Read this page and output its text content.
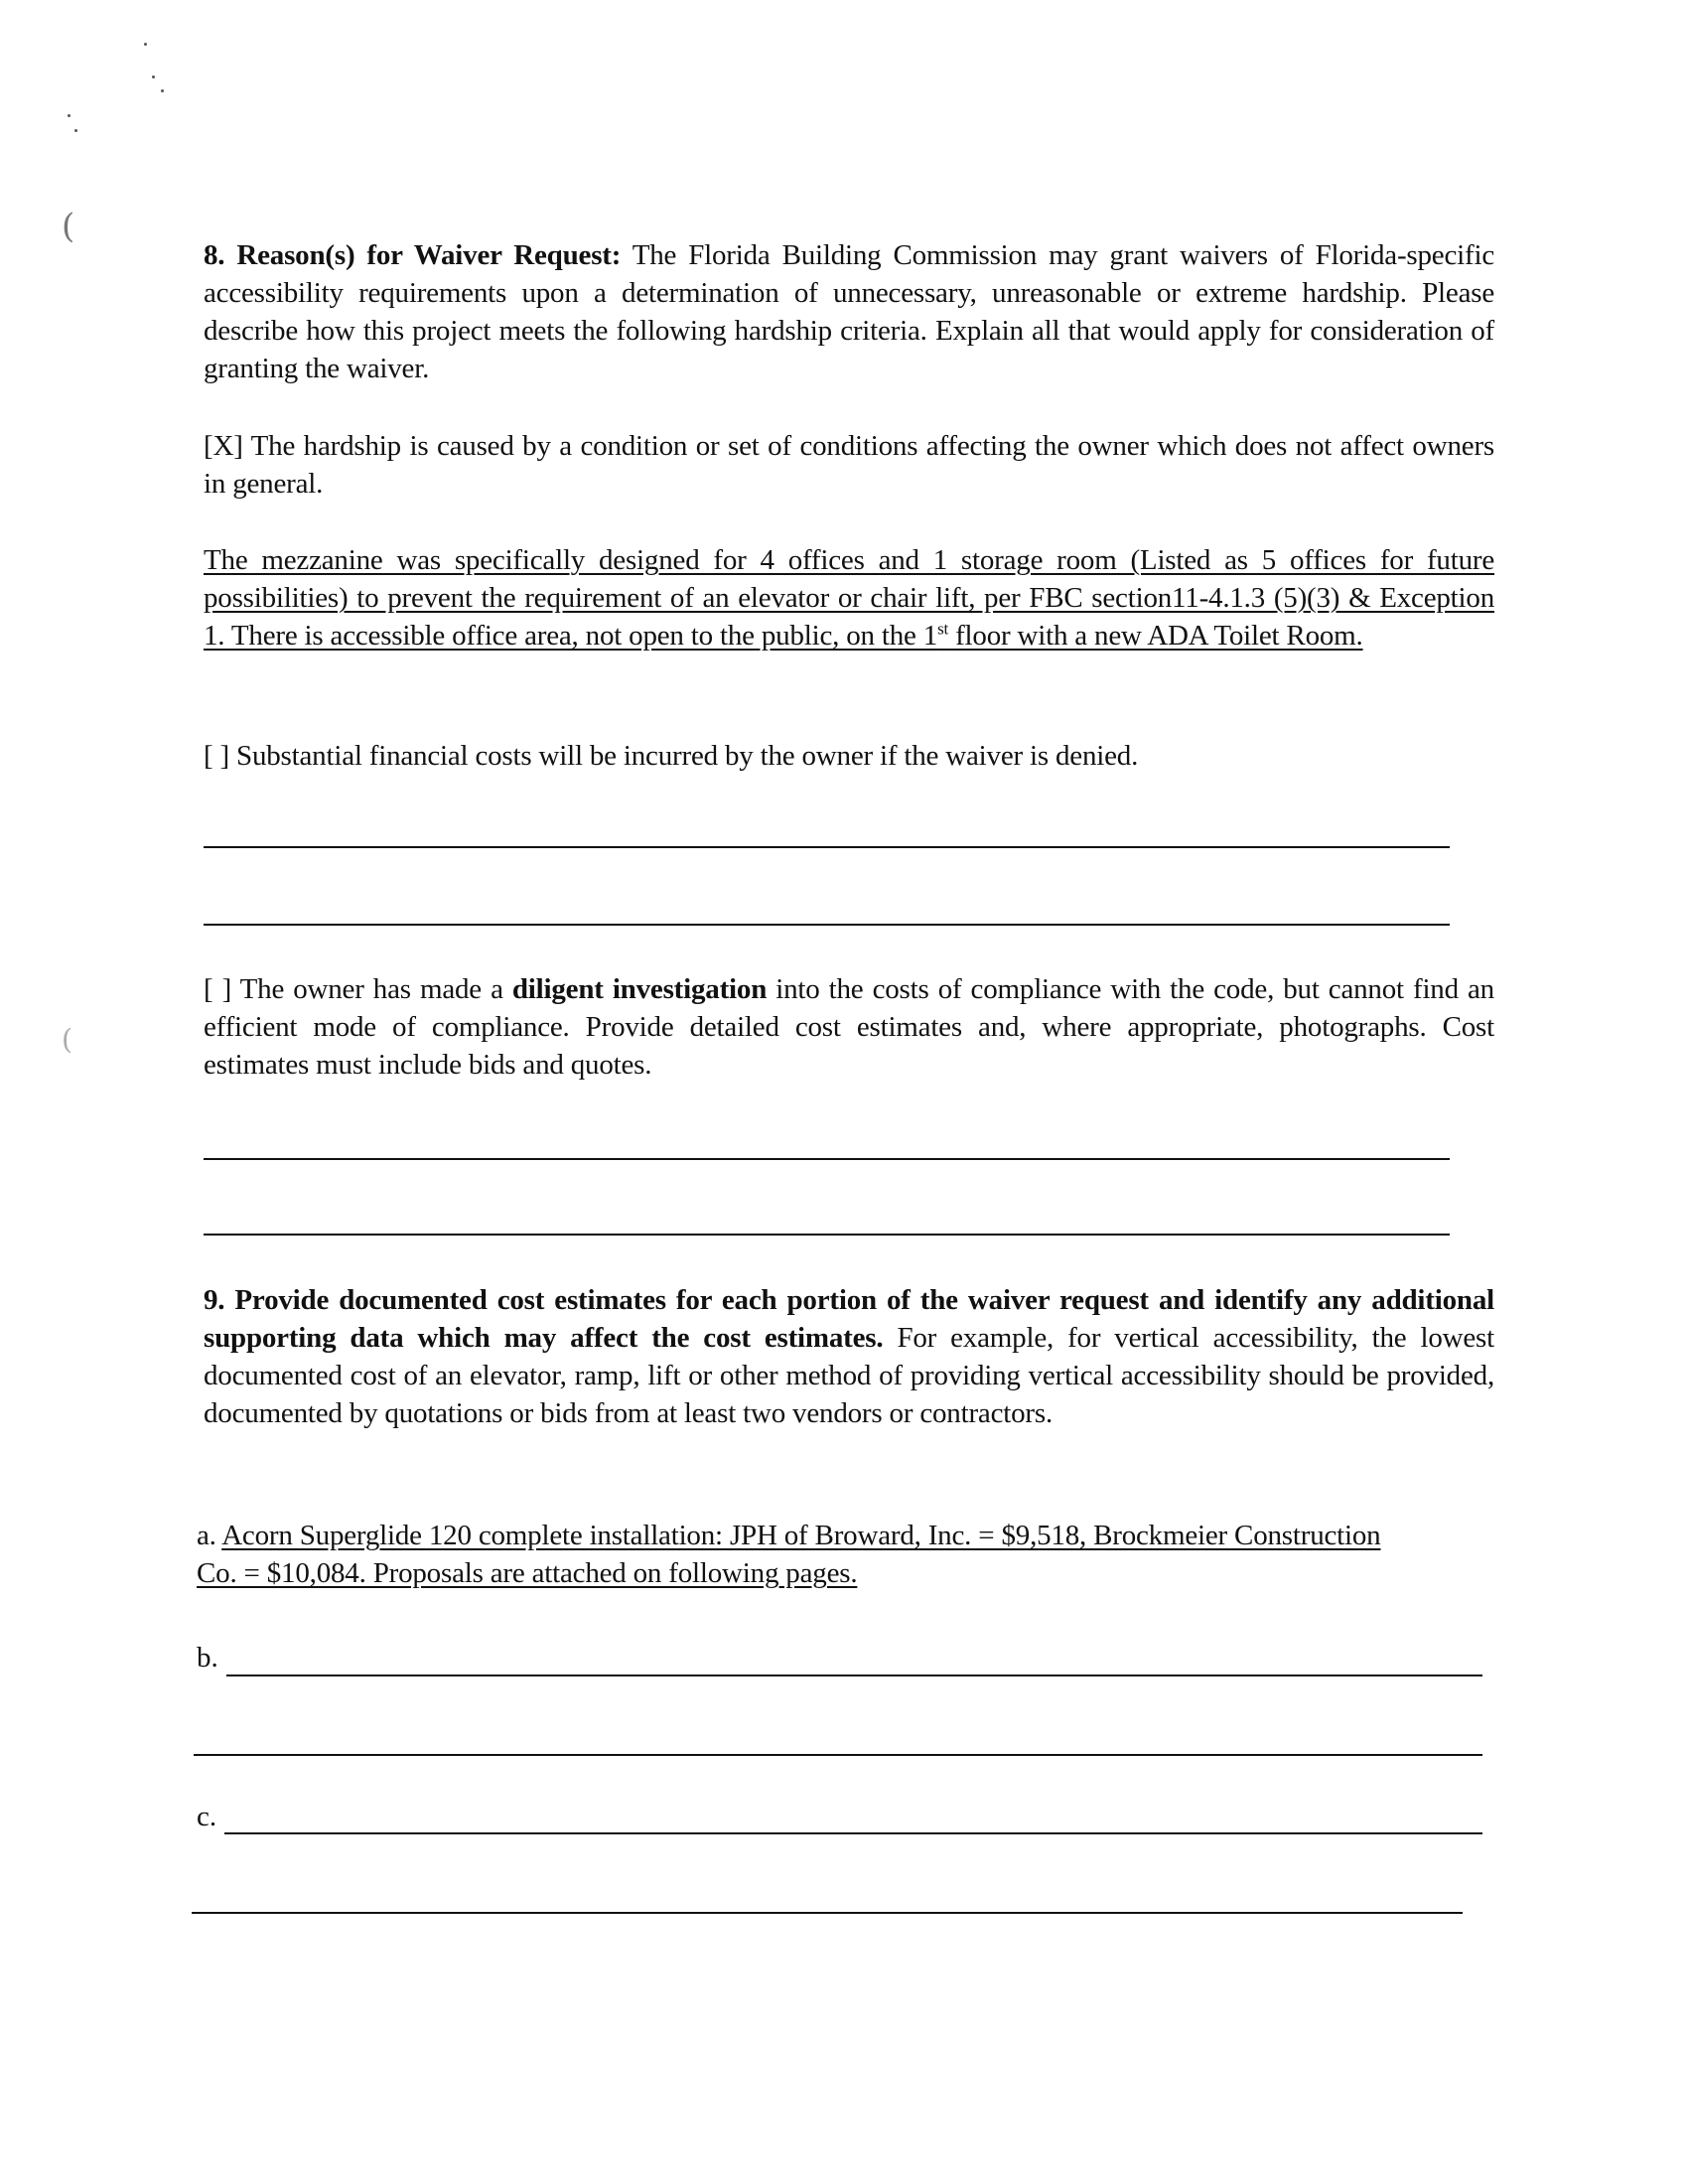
(
(
8. Reason(s) for Waiver Request: The Florida Building Commission may grant waivers of Florida-specific accessibility requirements upon a determination of unnecessary, unreasonable or extreme hardship. Please describe how this project meets the following hardship criteria. Explain all that would apply for consideration of granting the waiver.
[X] The hardship is caused by a condition or set of conditions affecting the owner which does not affect owners in general.
The mezzanine was specifically designed for 4 offices and 1 storage room (Listed as 5 offices for future possibilities) to prevent the requirement of an elevator or chair lift, per FBC section11-4.1.3 (5)(3) & Exception 1. There is accessible office area, not open to the public, on the 1st floor with a new ADA Toilet Room.
[ ] Substantial financial costs will be incurred by the owner if the waiver is denied.
[ ] The owner has made a diligent investigation into the costs of compliance with the code, but cannot find an efficient mode of compliance. Provide detailed cost estimates and, where appropriate, photographs. Cost estimates must include bids and quotes.
9. Provide documented cost estimates for each portion of the waiver request and identify any additional supporting data which may affect the cost estimates. For example, for vertical accessibility, the lowest documented cost of an elevator, ramp, lift or other method of providing vertical accessibility should be provided, documented by quotations or bids from at least two vendors or contractors.
a. Acorn Superglide 120 complete installation: JPH of Broward, Inc. = $9,518, Brockmeier Construction Co. = $10,084. Proposals are attached on following pages.
b.
c.
